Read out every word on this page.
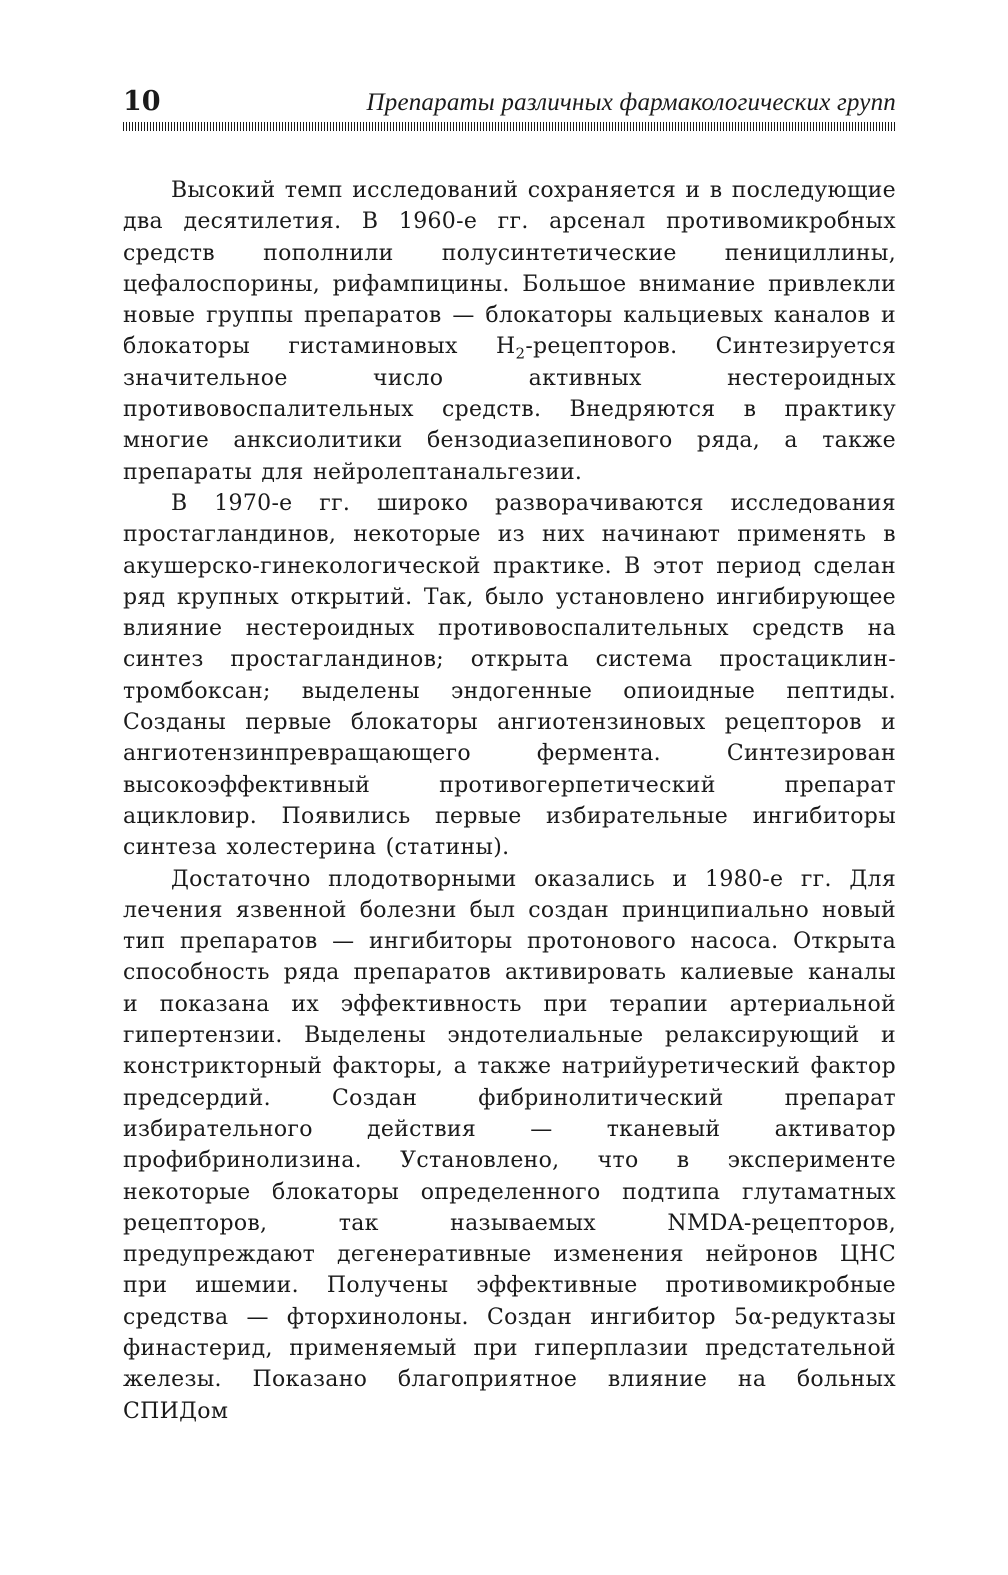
10	Препараты различных фармакологических групп

Высокий темп исследований сохраняется и в последующие два десятилетия. В 1960-е гг. арсенал противомикробных средств пополнили полусинтетические пенициллины, цефалоспорины, рифампицины. Большое внимание привлекли новые группы препаратов — блокаторы кальциевых каналов и блокаторы гистаминовых $H_2$-рецепторов. Синтезируется значительное число активных нестероидных противовоспалительных средств. Внедряются в практику многие анксиолитики бензодиазепинового ряда, а также препараты для нейролептанальгезии.

В 1970-е гг. широко разворачиваются исследования простагландинов, некоторые из них начинают применять в акушерско-гинекологической практике. В этот период сделан ряд крупных открытий. Так, было установлено ингибирующее влияние нестероидных противовоспалительных средств на синтез простагландинов; открыта система простациклин-тромбоксан; выделены эндогенные опиоидные пептиды. Созданы первые блокаторы ангиотензиновых рецепторов и ангиотензинпревращающего фермента. Синтезирован высокоэффективный противогерпетический препарат ацикловир. Появились первые избирательные ингибиторы синтеза холестерина (статины).

Достаточно плодотворными оказались и 1980-е гг. Для лечения язвенной болезни был создан принципиально новый тип препаратов — ингибиторы протонового насоса. Открыта способность ряда препаратов активировать калиевые каналы и показана их эффективность при терапии артериальной гипертензии. Выделены эндотелиальные релаксирующий и констрикторный факторы, а также натрийуретический фактор предсердий. Создан фибринолитический препарат избирательного действия — тканевый активатор профибринолизина. Установлено, что в эксперименте некоторые блокаторы определенного подтипа глутаматных рецепторов, так называемых NMDA-рецепторов, предупреждают дегенеративные изменения нейронов ЦНС при ишемии. Получены эффективные противомикробные средства — фторхинолоны. Создан ингибитор 5α-редуктазы финастерид, применяемый при гиперплазии предстательной железы. Показано благоприятное влияние на больных СПИДом
